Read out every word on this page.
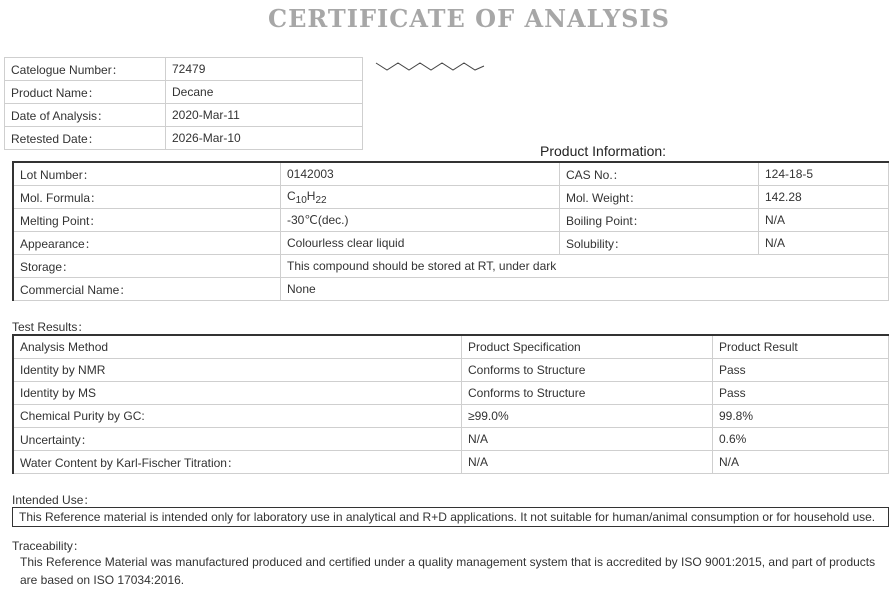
CERTIFICATE OF ANALYSIS
Catelogue Number：	72479
Product Name：	Decane
Date of Analysis：	2020-Mar-11
Retested Date：	2026-Mar-10
Product Information:
Lot Number：	0142003	CAS No.：	124-18-5
Mol. Formula：	$C_{10}H_{22}$	Mol. Weight：	142.28
Melting Point：	-30℃(dec.)	Boiling Point：	N/A
Appearance：	Colourless clear liquid	Solubility：	N/A
Storage：	This compound should be stored at RT, under dark		
Commercial Name：	None		
Test Results：
Analysis Method	Product Specification	Product Result
Identity by NMR	Conforms to Structure	Pass
Identity by MS	Conforms to Structure	Pass
Chemical Purity by GC:	≥99.0%	99.8%
Uncertainty：	N/A	0.6%
Water Content by Karl-Fischer Titration：	N/A	N/A
Intended Use：
This Reference material is intended only for laboratory use in analytical and R+D applications. It not suitable for human/animal consumption or for household use.
Traceability：
This Reference Material was manufactured produced and certified under a quality management system that is accredited by ISO 9001:2015, and part of products are based on ISO 17034:2016.
